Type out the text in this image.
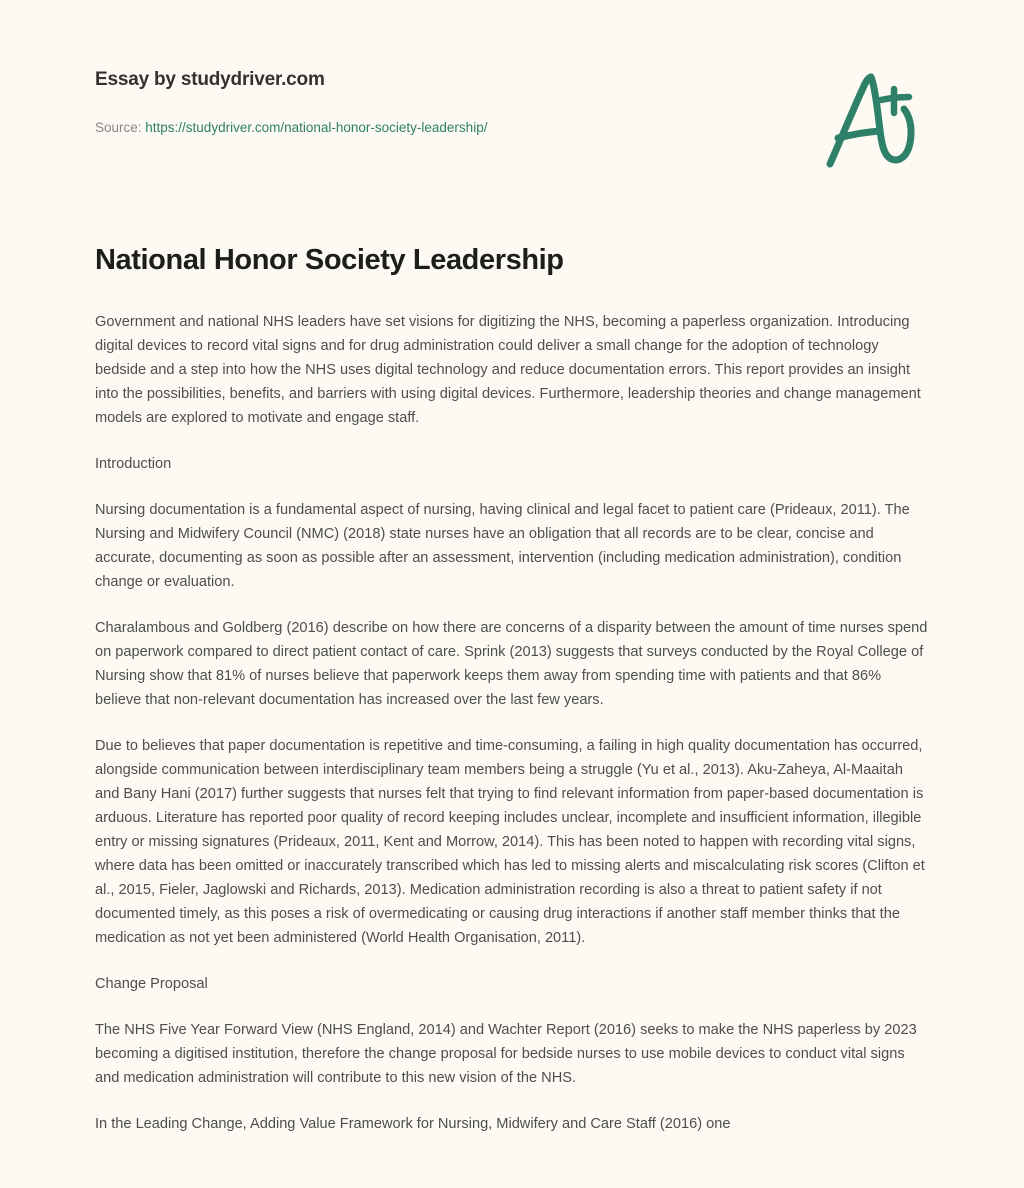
Essay by studydriver.com
Source: https://studydriver.com/national-honor-society-leadership/
National Honor Society Leadership

Government and national NHS leaders have set visions for digitizing the NHS, becoming a paperless organization. Introducing digital devices to record vital signs and for drug administration could deliver a small change for the adoption of technology bedside and a step into how the NHS uses digital technology and reduce documentation errors. This report provides an insight into the possibilities, benefits, and barriers with using digital devices. Furthermore, leadership theories and change management models are explored to motivate and engage staff.

Introduction

Nursing documentation is a fundamental aspect of nursing, having clinical and legal facet to patient care (Prideaux, 2011). The Nursing and Midwifery Council (NMC) (2018) state nurses have an obligation that all records are to be clear, concise and accurate, documenting as soon as possible after an assessment, intervention (including medication administration), condition change or evaluation.

Charalambous and Goldberg (2016) describe on how there are concerns of a disparity between the amount of time nurses spend on paperwork compared to direct patient contact of care. Sprink (2013) suggests that surveys conducted by the Royal College of Nursing show that 81% of nurses believe that paperwork keeps them away from spending time with patients and that 86% believe that non-relevant documentation has increased over the last few years.

Due to believes that paper documentation is repetitive and time-consuming, a failing in high quality documentation has occurred, alongside communication between interdisciplinary team members being a struggle (Yu et al., 2013). Aku-Zaheya, Al-Maaitah and Bany Hani (2017) further suggests that nurses felt that trying to find relevant information from paper-based documentation is arduous. Literature has reported poor quality of record keeping includes unclear, incomplete and insufficient information, illegible entry or missing signatures (Prideaux, 2011, Kent and Morrow, 2014). This has been noted to happen with recording vital signs, where data has been omitted or inaccurately transcribed which has led to missing alerts and miscalculating risk scores (Clifton et al., 2015, Fieler, Jaglowski and Richards, 2013). Medication administration recording is also a threat to patient safety if not documented timely, as this poses a risk of overmedicating or causing drug interactions if another staff member thinks that the medication as not yet been administered (World Health Organisation, 2011).

Change Proposal

The NHS Five Year Forward View (NHS England, 2014) and Wachter Report (2016) seeks to make the NHS paperless by 2023 becoming a digitised institution, therefore the change proposal for bedside nurses to use mobile devices to conduct vital signs and medication administration will contribute to this new vision of the NHS.

In the Leading Change, Adding Value Framework for Nursing, Midwifery and Care Staff (2016) one
